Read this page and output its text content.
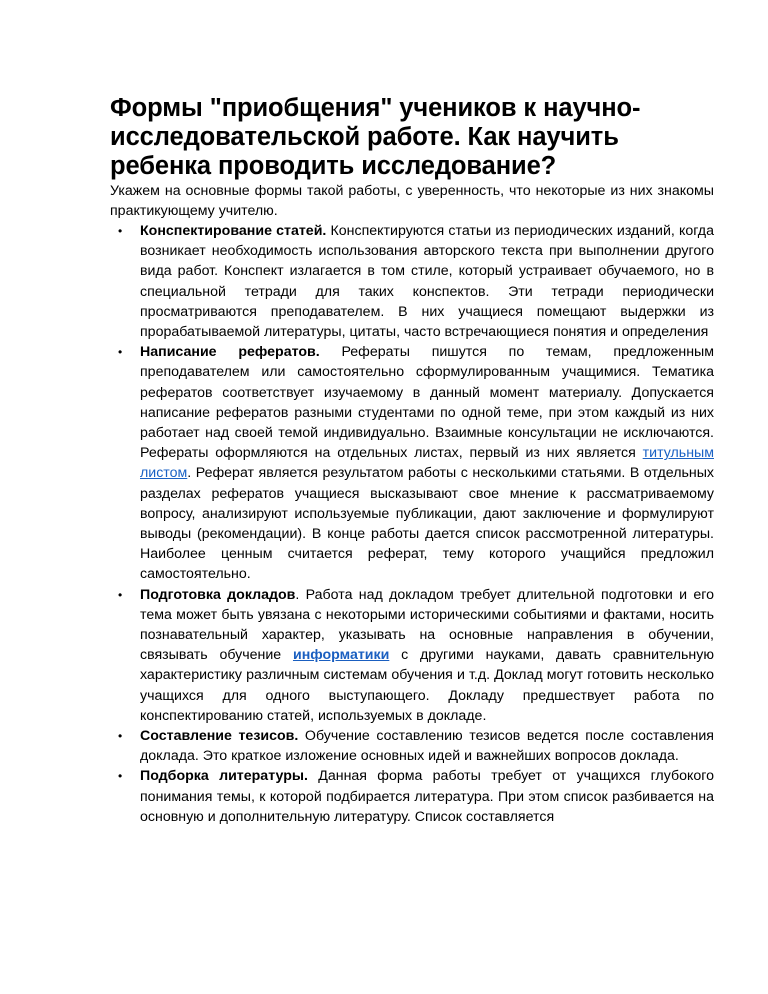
Формы "приобщения" учеников к научно-исследовательской работе. Как научить ребенка проводить исследование?

Укажем на основные формы такой работы, с уверенность, что некоторые из них знакомы практикующему учителю.

• Конспектирование статей. Конспектируются статьи из периодических изданий, когда возникает необходимость использования авторского текста при выполнении другого вида работ. Конспект излагается в том стиле, который устраивает обучаемого, но в специальной тетради для таких конспектов. Эти тетради периодически просматриваются преподавателем. В них учащиеся помещают выдержки из прорабатываемой литературы, цитаты, часто встречающиеся понятия и определения
• Написание рефератов. Рефераты пишутся по темам, предложенным преподавателем или самостоятельно сформулированным учащимися. Тематика рефератов соответствует изучаемому в данный момент материалу. Допускается написание рефератов разными студентами по одной теме, при этом каждый из них работает над своей темой индивидуально. Взаимные консультации не исключаются. Рефераты оформляются на отдельных листах, первый из них является титульным листом. Реферат является результатом работы с несколькими статьями. В отдельных разделах рефератов учащиеся высказывают свое мнение к рассматриваемому вопросу, анализируют используемые публикации, дают заключение и формулируют выводы (рекомендации). В конце работы дается список рассмотренной литературы. Наиболее ценным считается реферат, тему которого учащийся предложил самостоятельно.
• Подготовка докладов. Работа над докладом требует длительной подготовки и его тема может быть увязана с некоторыми историческими событиями и фактами, носить познавательный характер, указывать на основные направления в обучении, связывать обучение информатики с другими науками, давать сравнительную характеристику различным системам обучения и т.д. Доклад могут готовить несколько учащихся для одного выступающего. Докладу предшествует работа по конспектированию статей, используемых в докладе.
• Составление тезисов. Обучение составлению тезисов ведется после составления доклада. Это краткое изложение основных идей и важнейших вопросов доклада.
• Подборка литературы. Данная форма работы требует от учащихся глубокого понимания темы, к которой подбирается литература. При этом список разбивается на основную и дополнительную литературу. Список составляется
